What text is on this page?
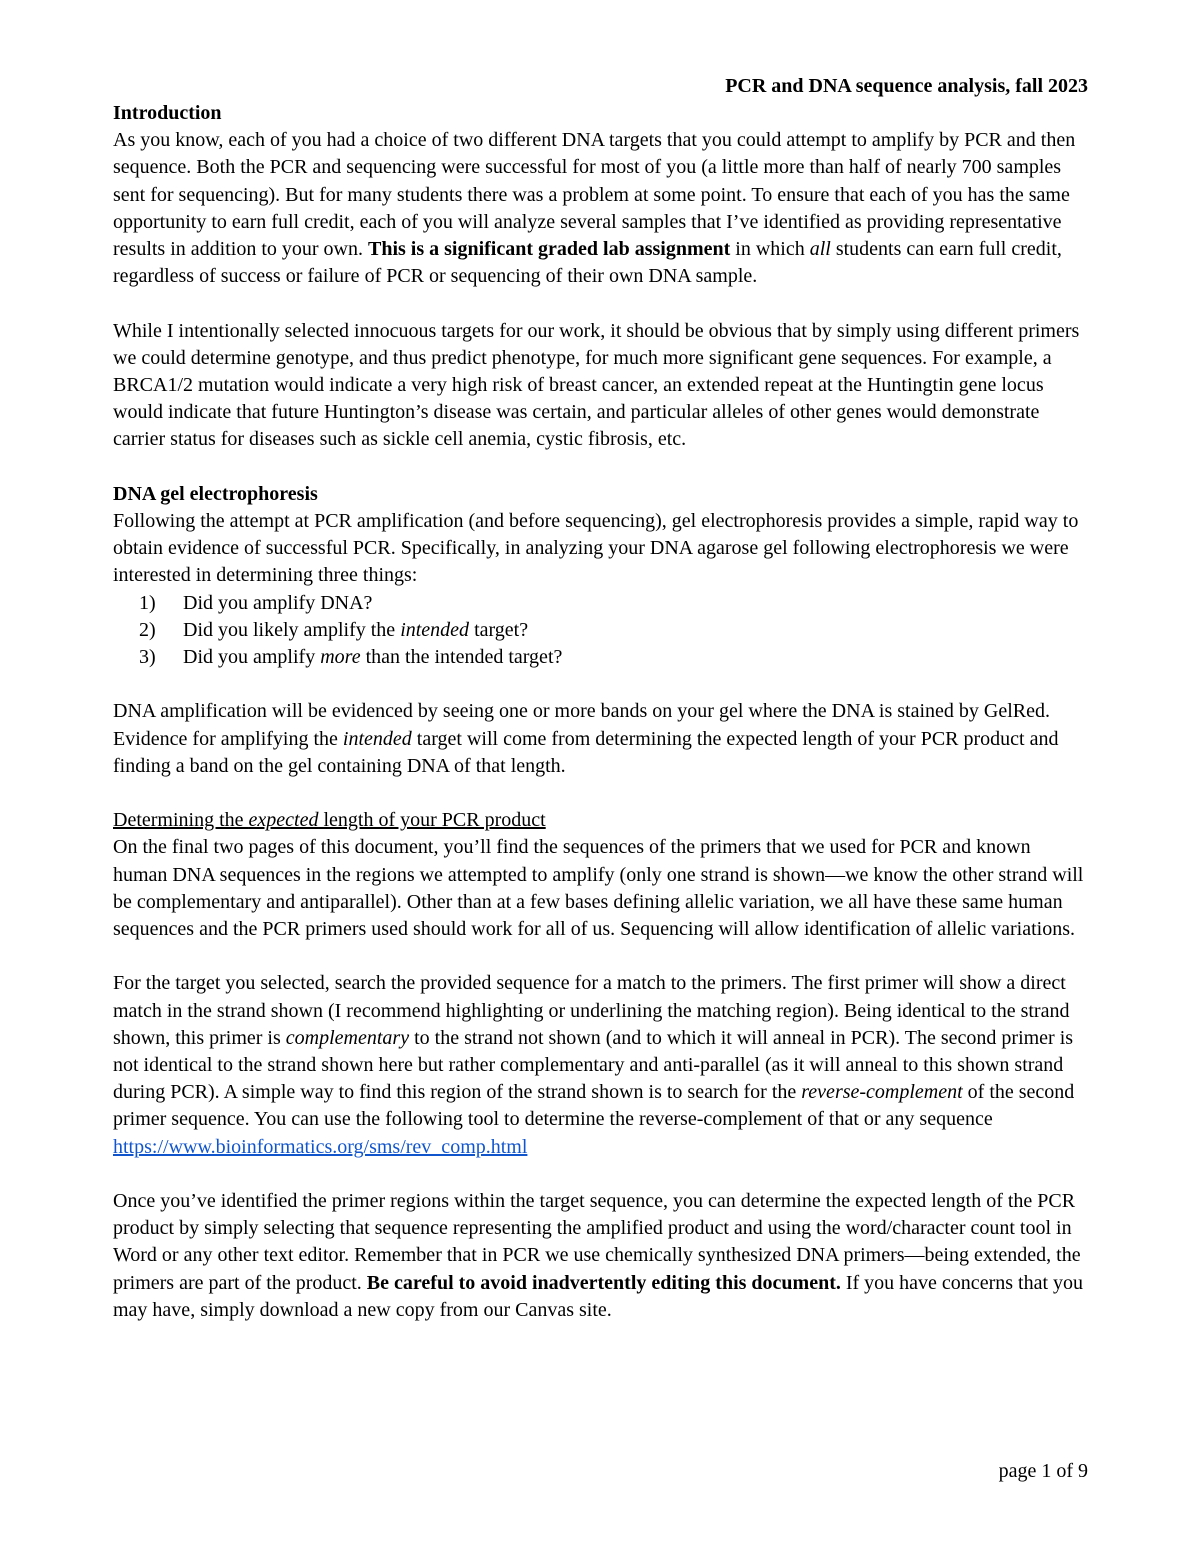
PCR and DNA sequence analysis, fall 2023
Introduction

As you know, each of you had a choice of two different DNA targets that you could attempt to amplify by PCR and then sequence. Both the PCR and sequencing were successful for most of you (a little more than half of nearly 700 samples sent for sequencing). But for many students there was a problem at some point. To ensure that each of you has the same opportunity to earn full credit, each of you will analyze several samples that I’ve identified as providing representative results in addition to your own. This is a significant graded lab assignment in which all students can earn full credit, regardless of success or failure of PCR or sequencing of their own DNA sample.

While I intentionally selected innocuous targets for our work, it should be obvious that by simply using different primers we could determine genotype, and thus predict phenotype, for much more significant gene sequences. For example, a BRCA1/2 mutation would indicate a very high risk of breast cancer, an extended repeat at the Huntingtin gene locus would indicate that future Huntington’s disease was certain, and particular alleles of other genes would demonstrate carrier status for diseases such as sickle cell anemia, cystic fibrosis, etc.

DNA gel electrophoresis

Following the attempt at PCR amplification (and before sequencing), gel electrophoresis provides a simple, rapid way to obtain evidence of successful PCR. Specifically, in analyzing your DNA agarose gel following electrophoresis we were interested in determining three things:

1) Did you amplify DNA?
2) Did you likely amplify the intended target?
3) Did you amplify more than the intended target?

DNA amplification will be evidenced by seeing one or more bands on your gel where the DNA is stained by GelRed. Evidence for amplifying the intended target will come from determining the expected length of your PCR product and finding a band on the gel containing DNA of that length.

Determining the expected length of your PCR product

On the final two pages of this document, you’ll find the sequences of the primers that we used for PCR and known human DNA sequences in the regions we attempted to amplify (only one strand is shown—we know the other strand will be complementary and antiparallel). Other than at a few bases defining allelic variation, we all have these same human sequences and the PCR primers used should work for all of us. Sequencing will allow identification of allelic variations.

For the target you selected, search the provided sequence for a match to the primers. The first primer will show a direct match in the strand shown (I recommend highlighting or underlining the matching region). Being identical to the strand shown, this primer is complementary to the strand not shown (and to which it will anneal in PCR). The second primer is not identical to the strand shown here but rather complementary and anti-parallel (as it will anneal to this shown strand during PCR). A simple way to find this region of the strand shown is to search for the reverse-complement of the second primer sequence. You can use the following tool to determine the reverse-complement of that or any sequence
https://www.bioinformatics.org/sms/rev_comp.html

Once you’ve identified the primer regions within the target sequence, you can determine the expected length of the PCR product by simply selecting that sequence representing the amplified product and using the word/character count tool in Word or any other text editor. Remember that in PCR we use chemically synthesized DNA primers—being extended, the primers are part of the product. Be careful to avoid inadvertently editing this document. If you have concerns that you may have, simply download a new copy from our Canvas site.

page 1 of 9
